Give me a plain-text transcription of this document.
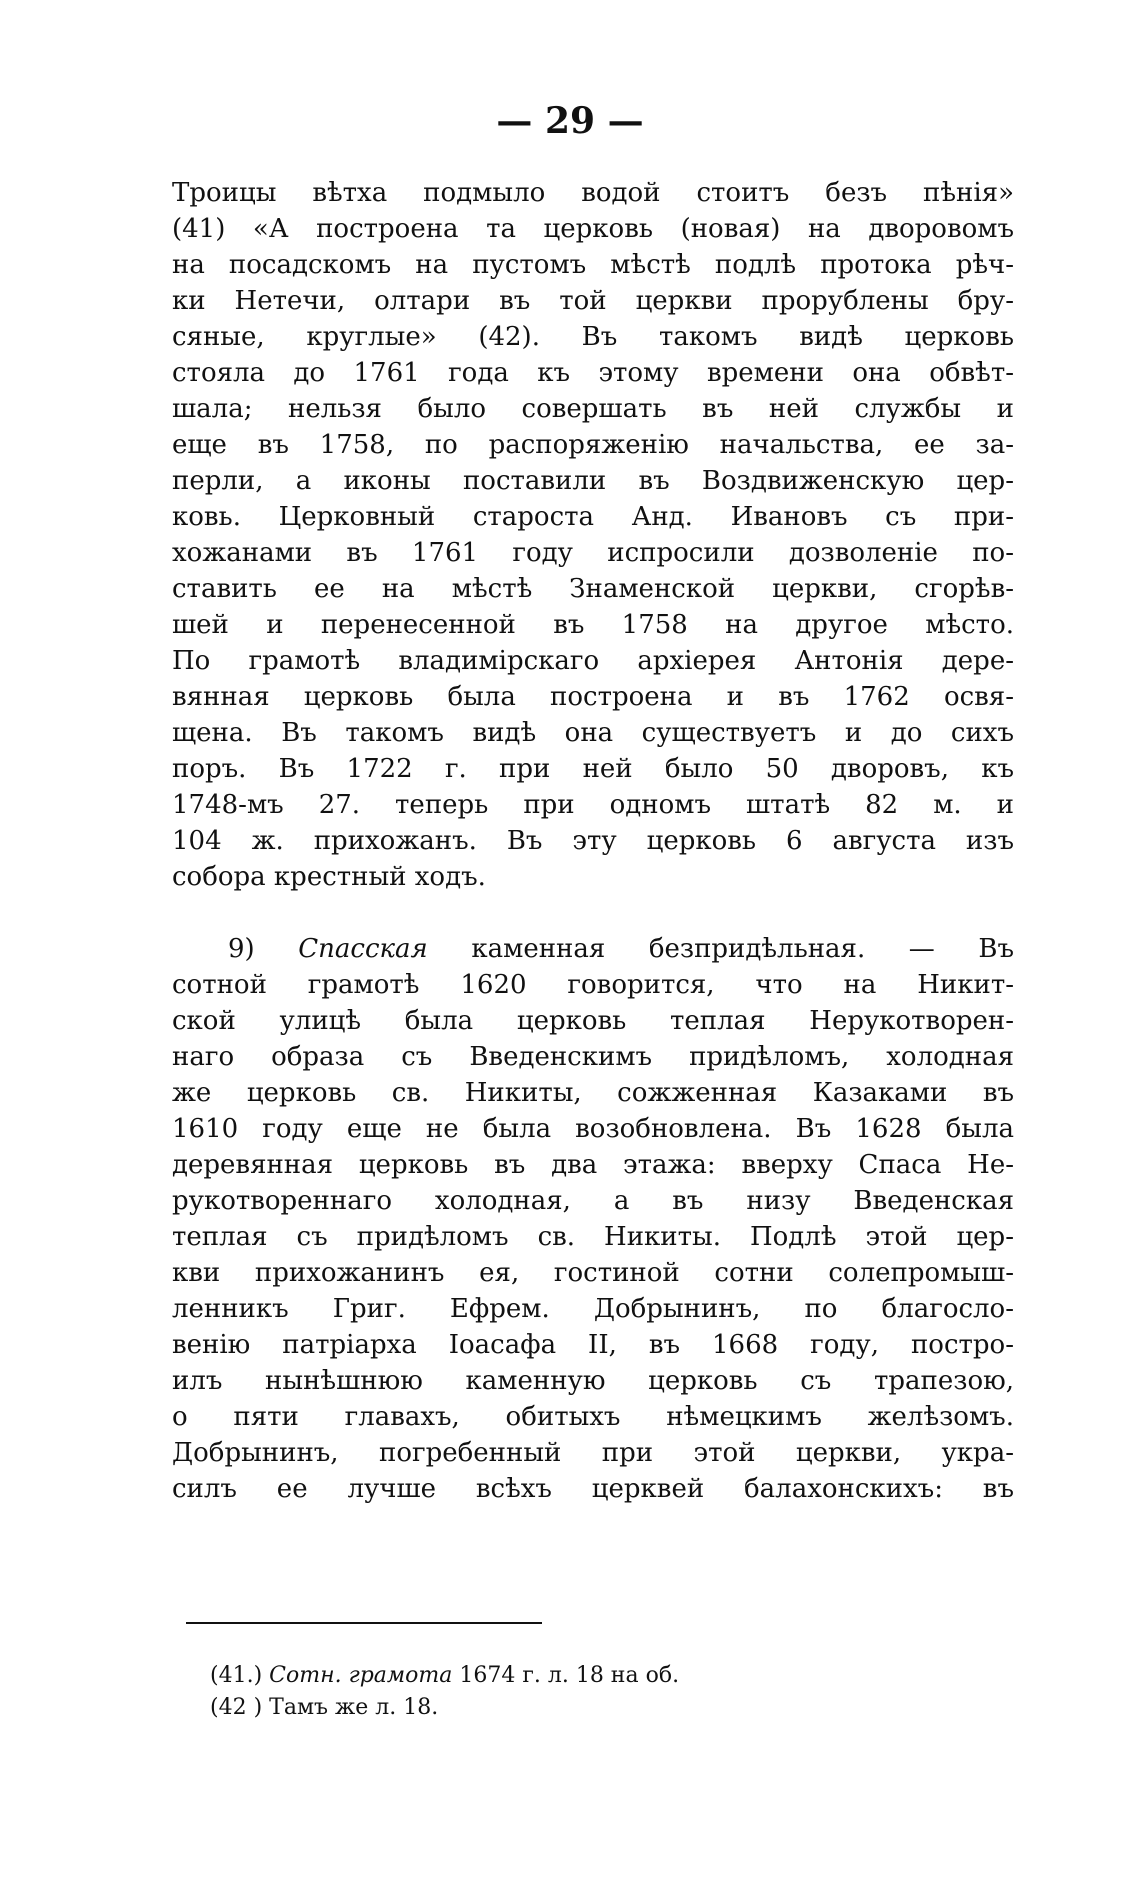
— 29 —
Троицы вѣтха подмыло водой стоитъ безъ пѣнія»
(41) «А построена та церковь (новая) на дворовомъ
на посадскомъ на пустомъ мѣстѣ подлѣ протока рѣч-
ки Нетечи, олтари въ той церкви прорублены бру-
сяные, круглые» (42). Въ такомъ видѣ церковь
стояла до 1761 года къ этому времени она обвѣт-
шала; нельзя было совершать въ ней службы и
еще въ 1758, по распоряженію начальства, ее за-
перли, а иконы поставили въ Воздвиженскую цер-
ковь. Церковный староста Анд. Ивановъ съ при-
хожанами въ 1761 году испросили дозволеніе по-
ставить ее на мѣстѣ Знаменской церкви, сгорѣв-
шей и перенесенной въ 1758 на другое мѣсто.
По грамотѣ владимірскаго архіерея Антонія дере-
вянная церковь была построена и въ 1762 освя-
щена. Въ такомъ видѣ она существуетъ и до сихъ
поръ. Въ 1722 г. при ней было 50 дворовъ, къ
1748-мъ 27. теперь при одномъ штатѣ 82 м. и
104 ж. прихожанъ. Въ эту церковь 6 августа изъ
собора крестный ходъ.
9) Спасская каменная безпридѣльная. — Въ
сотной грамотѣ 1620 говорится, что на Никит-
ской улицѣ была церковь теплая Нерукотворен-
наго образа съ Введенскимъ придѣломъ, холодная
же церковь св. Никиты, сожженная Казаками въ
1610 году еще не была возобновлена. Въ 1628 была
деревянная церковь въ два этажа: вверху Спаса Не-
рукотвореннаго холодная, а въ низу Введенская
теплая съ придѣломъ св. Никиты. Подлѣ этой цер-
кви прихожанинъ ея, гостиной сотни солепромыш-
ленникъ Григ. Ефрем. Добрынинъ, по благосло-
венію патріарха Іоасафа II, въ 1668 году, постро-
илъ нынѣшнюю каменную церковь съ трапезою,
о пяти главахъ, обитыхъ нѣмецкимъ желѣзомъ.
Добрынинъ, погребенный при этой церкви, укра-
силъ ее лучше всѣхъ церквей балахонскихъ: въ
(41.) Сотн. грамота 1674 г. л. 18 на об.
(42 ) Тамъ же л. 18.
